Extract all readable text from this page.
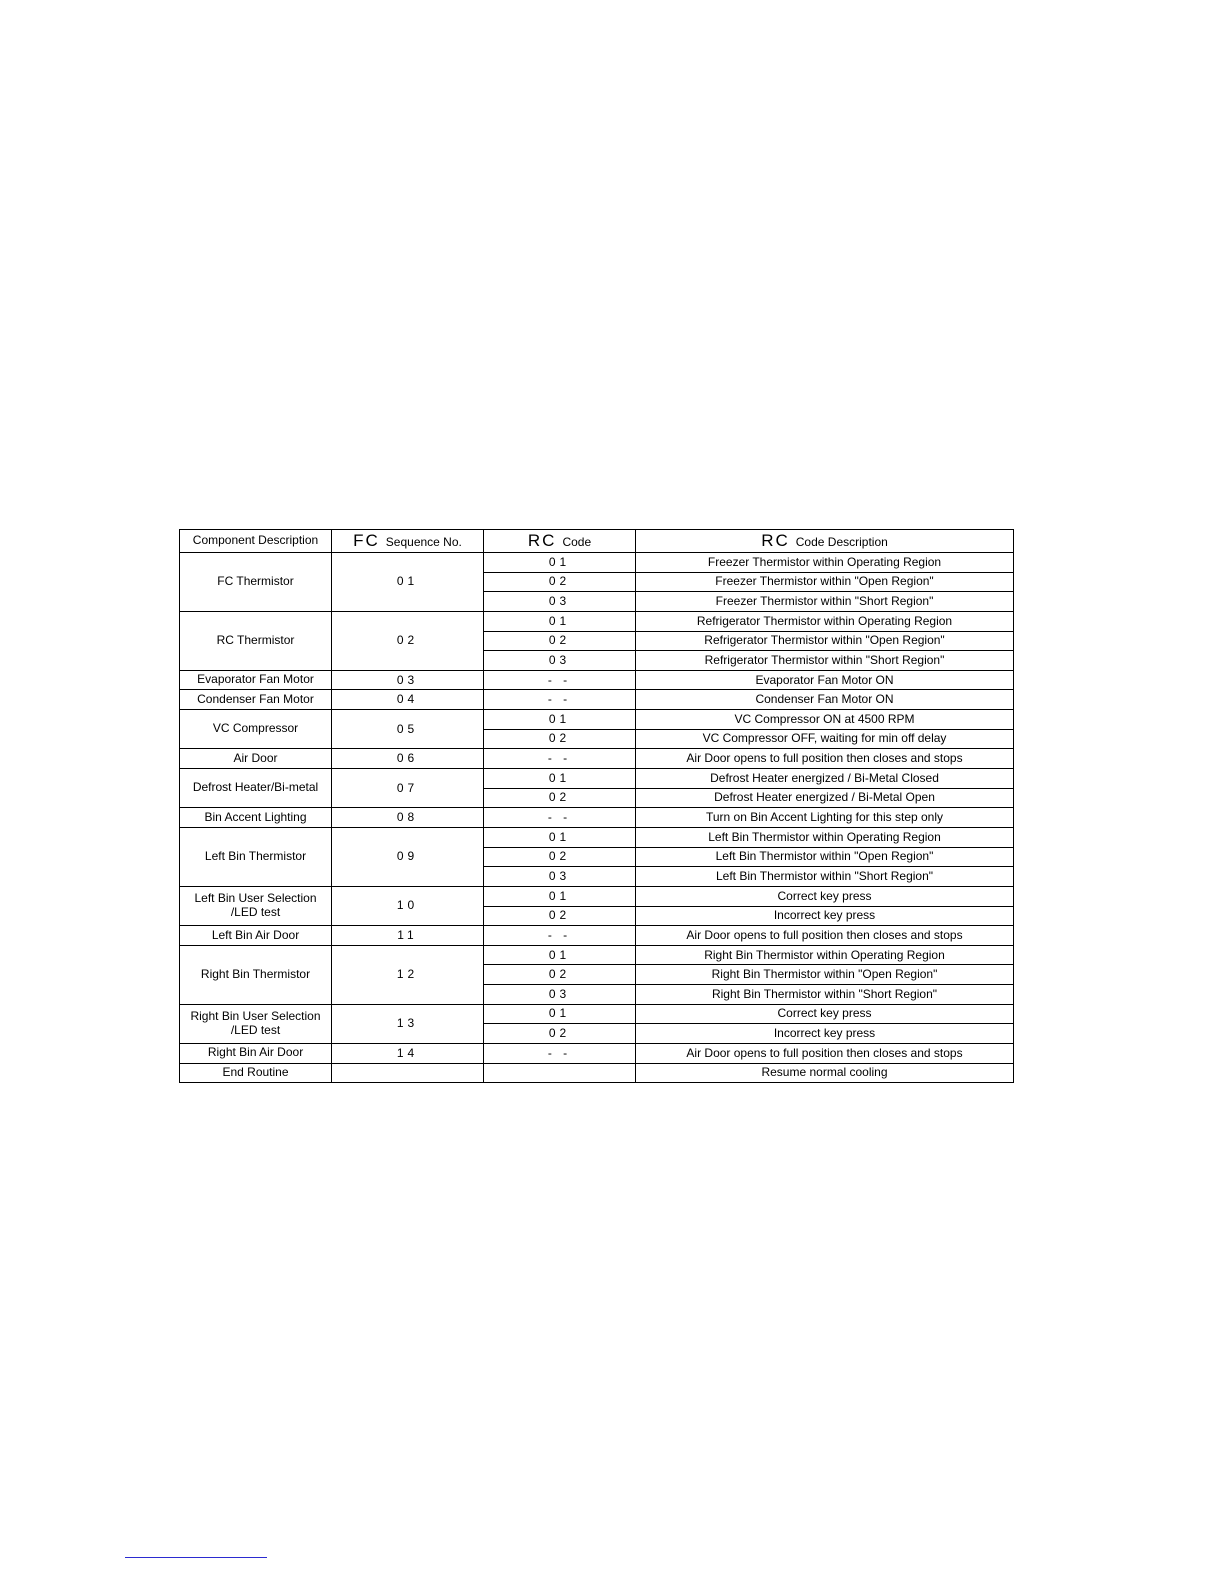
Component Description	FC Sequence No.	RC Code	RC Code Description
FC Thermistor	01	01	Freezer Thermistor within Operating Region
		02	Freezer Thermistor within "Open Region"
		03	Freezer Thermistor within "Short Region"
RC Thermistor	02	01	Refrigerator Thermistor within Operating Region
		02	Refrigerator Thermistor within "Open Region"
		03	Refrigerator Thermistor within "Short Region"
Evaporator Fan Motor	03	- -	Evaporator Fan Motor ON
Condenser Fan Motor	04	- -	Condenser Fan Motor ON
VC Compressor	05	01	VC Compressor ON at 4500 RPM
		02	VC Compressor OFF, waiting for min off delay
Air Door	06	- -	Air Door opens to full position then closes and stops
Defrost Heater/Bi-metal	07	01	Defrost Heater energized / Bi-Metal Closed
		02	Defrost Heater energized / Bi-Metal Open
Bin Accent Lighting	08	- -	Turn on Bin Accent Lighting for this step only
Left Bin Thermistor	09	01	Left Bin Thermistor within Operating Region
		02	Left Bin Thermistor within "Open Region"
		03	Left Bin Thermistor within "Short Region"
Left Bin User Selection
/LED test	10	01	Correct key press
		02	Incorrect key press
Left Bin Air Door	11	- -	Air Door opens to full position then closes and stops
Right Bin Thermistor	12	01	Right Bin Thermistor within Operating Region
		02	Right Bin Thermistor within "Open Region"
		03	Right Bin Thermistor within "Short Region"
Right Bin User Selection
/LED test	13	01	Correct key press
		02	Incorrect key press
Right Bin Air Door	14	- -	Air Door opens to full position then closes and stops
End Routine			Resume normal cooling
